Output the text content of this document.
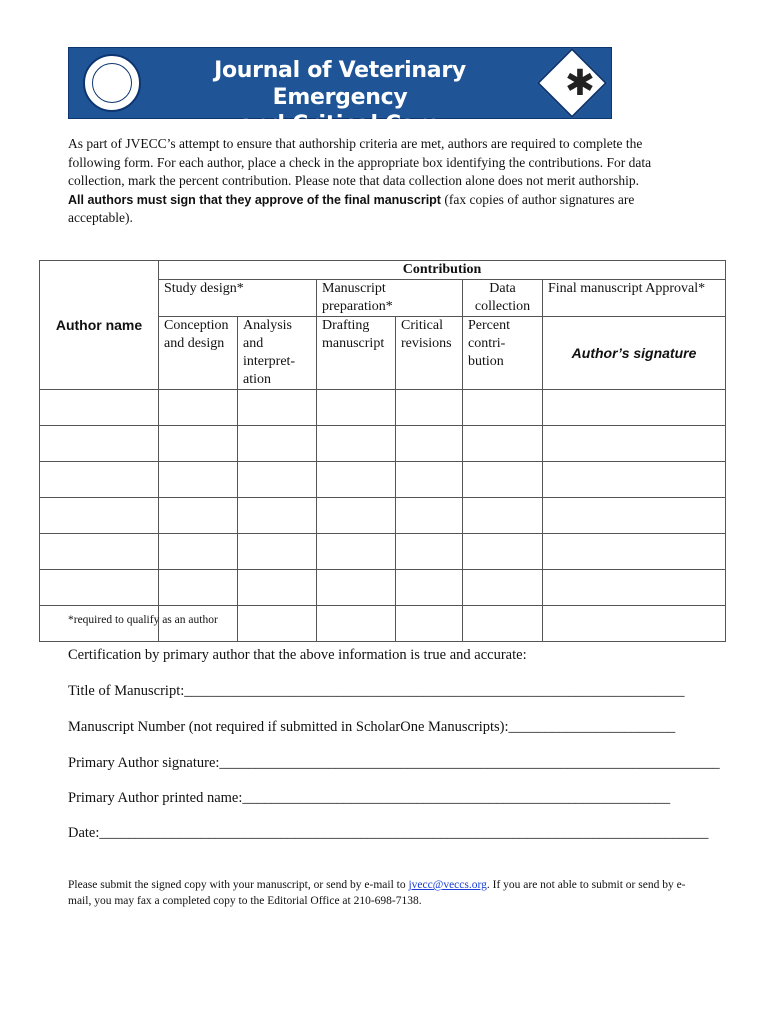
Journal of Veterinary Emergency
and Critical Care
✱
As part of JVECC’s attempt to ensure that authorship criteria are met, authors are required to complete the following form. For each author, place a check in the appropriate box identifying the contributions. For data collection, mark the percent contribution. Please note that data collection alone does not merit authorship.
All authors must sign that they approve of the final manuscript (fax copies of author signatures are acceptable).
Author name	Contribution					
	Study design*		Manuscript preparation*		Data collection	Final manuscript Approval*
	Conception and design	Analysis and interpret-ation	Drafting manuscript	Critical revisions	Percent contri-bution	Author’s signature

*required to qualify as an author
Certification by primary author that the above information is true and accurate:
Title of Manuscript:_____________________________________________________________________
Manuscript Number (not required if submitted in ScholarOne Manuscripts):_______________________
Primary Author signature:_____________________________________________________________________
Primary Author printed name:___________________________________________________________
Date:____________________________________________________________________________________
Please submit the signed copy with your manuscript, or send by e-mail to jvecc@veccs.org. If you are not able to submit or send by e-mail, you may fax a completed copy to the Editorial Office at 210-698-7138.
